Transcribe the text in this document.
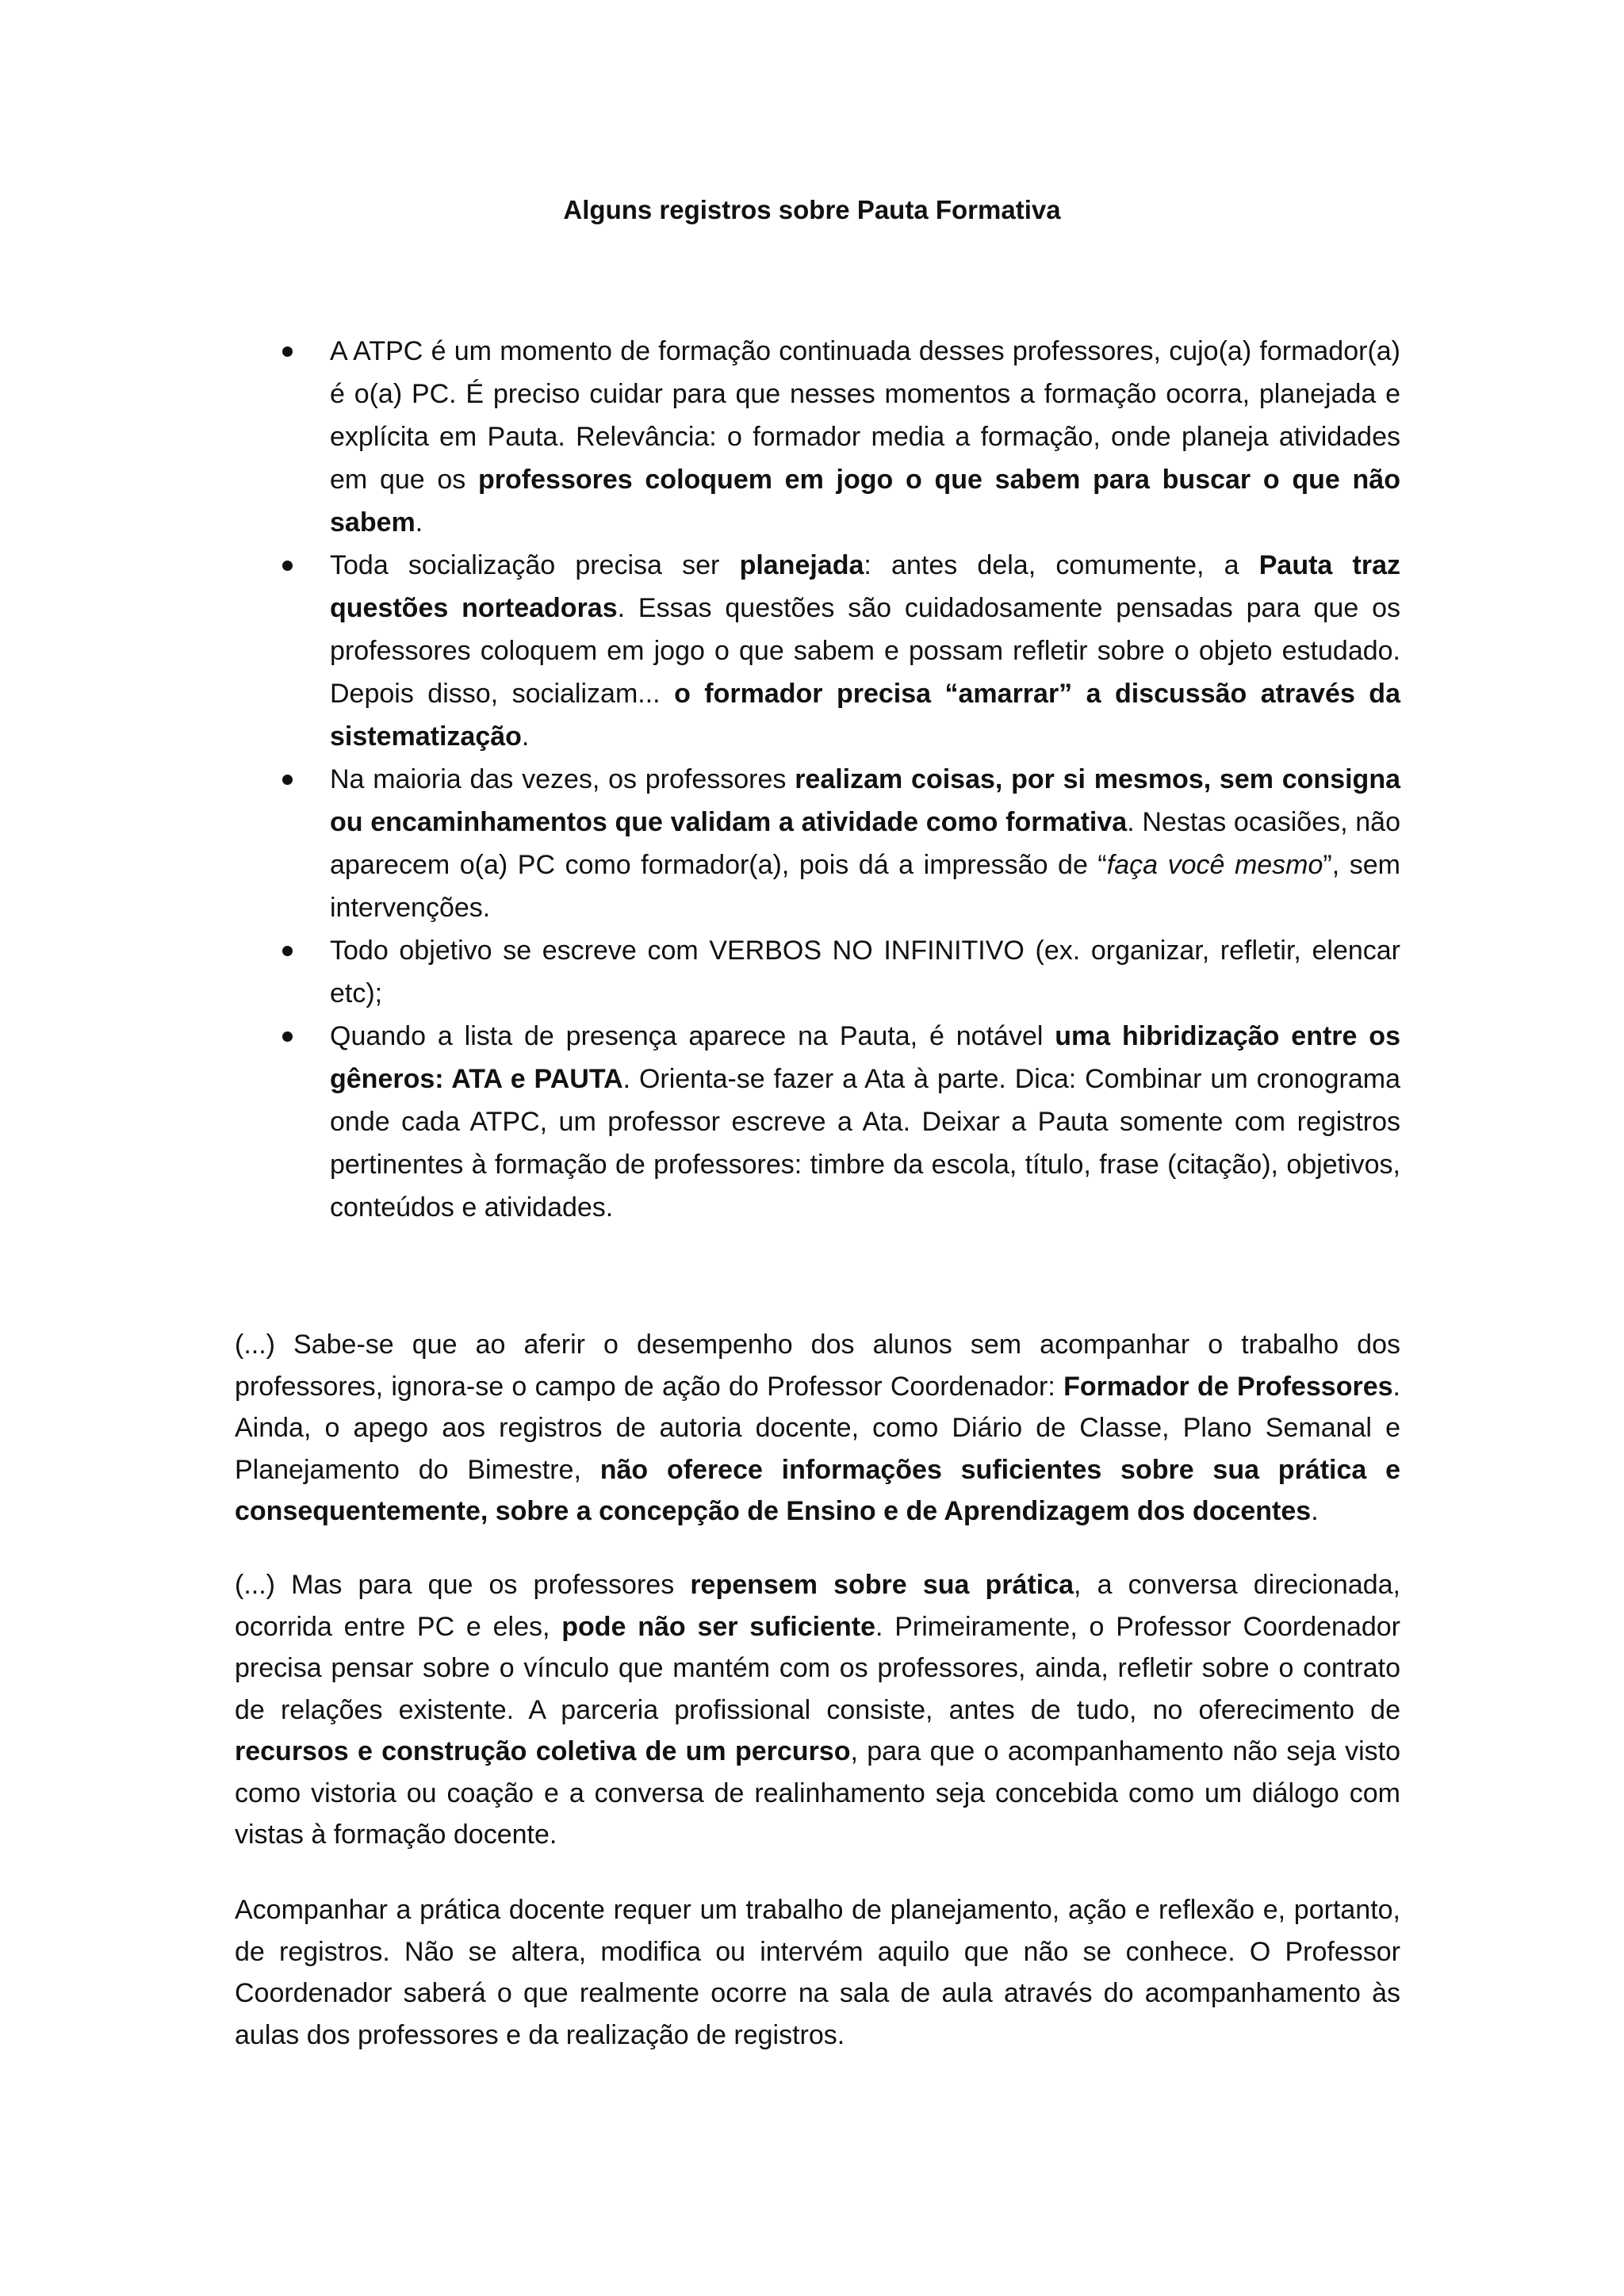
Alguns registros sobre Pauta Formativa
A ATPC é um momento de formação continuada desses professores, cujo(a) formador(a) é o(a) PC. É preciso cuidar para que nesses momentos a formação ocorra, planejada e explícita em Pauta. Relevância: o formador media a formação, onde planeja atividades em que os professores coloquem em jogo o que sabem para buscar o que não sabem.
Toda socialização precisa ser planejada: antes dela, comumente, a Pauta traz questões norteadoras. Essas questões são cuidadosamente pensadas para que os professores coloquem em jogo o que sabem e possam refletir sobre o objeto estudado. Depois disso, socializam... o formador precisa “amarrar” a discussão através da sistematização.
Na maioria das vezes, os professores realizam coisas, por si mesmos, sem consigna ou encaminhamentos que validam a atividade como formativa. Nestas ocasiões, não aparecem o(a) PC como formador(a), pois dá a impressão de “faça você mesmo”, sem intervenções.
Todo objetivo se escreve com VERBOS NO INFINITIVO (ex. organizar, refletir, elencar etc);
Quando a lista de presença aparece na Pauta, é notável uma hibridização entre os gêneros: ATA e PAUTA. Orienta-se fazer a Ata à parte. Dica: Combinar um cronograma onde cada ATPC, um professor escreve a Ata. Deixar a Pauta somente com registros pertinentes à formação de professores: timbre da escola, título, frase (citação), objetivos, conteúdos e atividades.

(...) Sabe-se que ao aferir o desempenho dos alunos sem acompanhar o trabalho dos professores, ignora-se o campo de ação do Professor Coordenador: Formador de Professores. Ainda, o apego aos registros de autoria docente, como Diário de Classe, Plano Semanal e Planejamento do Bimestre, não oferece informações suficientes sobre sua prática e consequentemente, sobre a concepção de Ensino e de Aprendizagem dos docentes.

(...) Mas para que os professores repensem sobre sua prática, a conversa direcionada, ocorrida entre PC e eles, pode não ser suficiente. Primeiramente, o Professor Coordenador precisa pensar sobre o vínculo que mantém com os professores, ainda, refletir sobre o contrato de relações existente. A parceria profissional consiste, antes de tudo, no oferecimento de recursos e construção coletiva de um percurso, para que o acompanhamento não seja visto como vistoria ou coação e a conversa de realinhamento seja concebida como um diálogo com vistas à formação docente.

Acompanhar a prática docente requer um trabalho de planejamento, ação e reflexão e, portanto, de registros. Não se altera, modifica ou intervém aquilo que não se conhece. O Professor Coordenador saberá o que realmente ocorre na sala de aula através do acompanhamento às aulas dos professores e da realização de registros.
